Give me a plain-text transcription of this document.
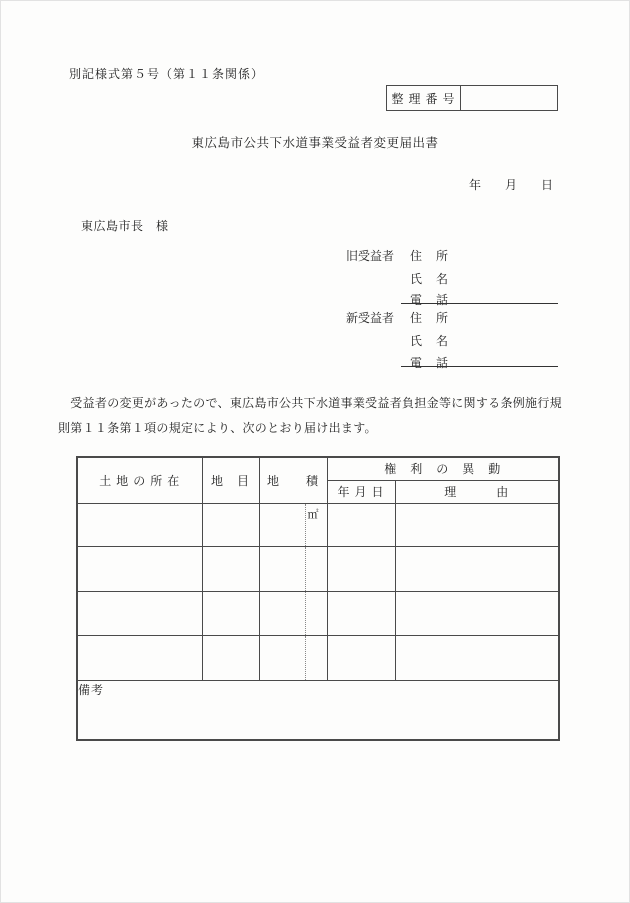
別記様式第５号（第１１条関係）
整 理 番 号
東広島市公共下水道事業受益者変更届出書
年　　月　　日
東広島市長　様
旧受益者 住　所
氏　名
電　話
新受益者 住　所
氏　名
電　話
　受益者の変更があったので、東広島市公共下水道事業受益者負担金等に関する条例施行規
則第１１条第１項の規定により、次のとおり届け出ます。
土 地 の 所 在	地　目	地　　積	権　利　の　異　動	
			年 月 日	理　　　由

		㎡		

備考				
